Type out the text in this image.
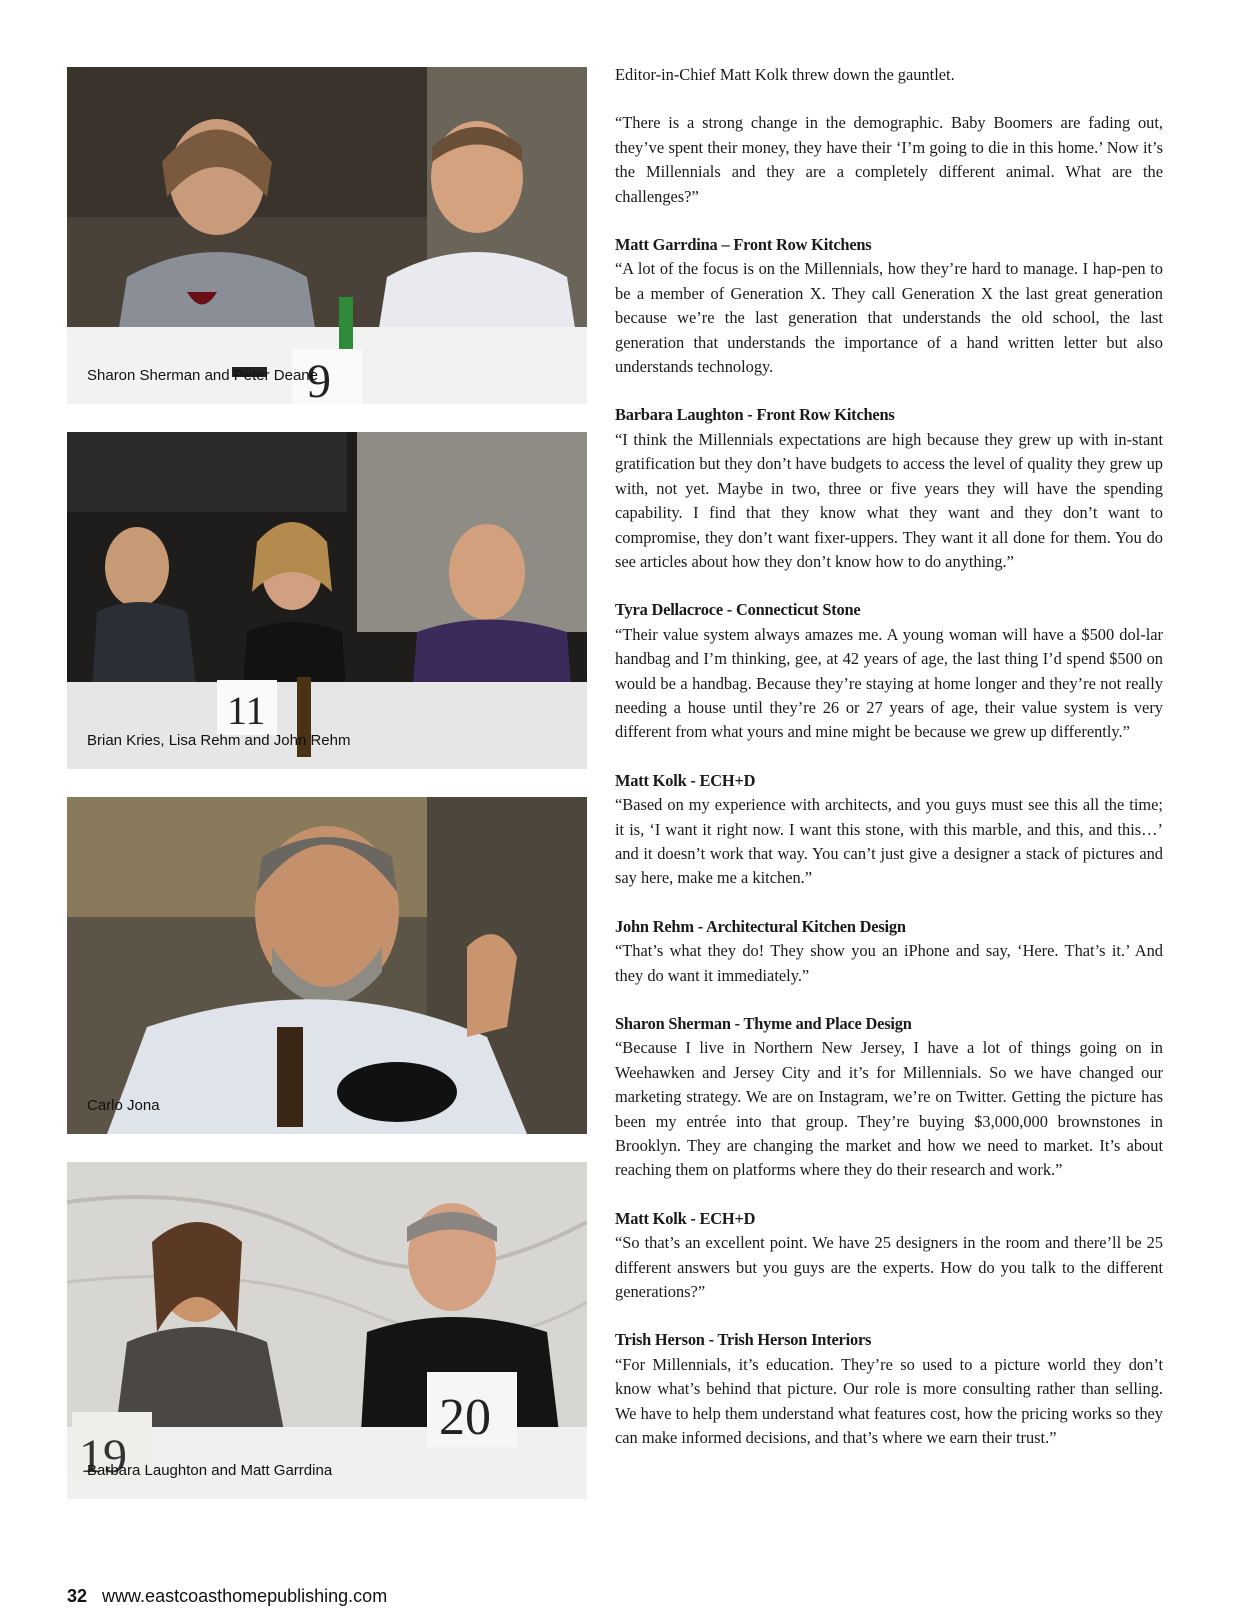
9
Sharon Sherman and Peter Deane
11
Brian Kries, Lisa Rehm and John Rehm
Carlo Jona
20
19
Barbara Laughton and Matt Garrdina

Editor-in-Chief Matt Kolk threw down the gauntlet.

“There is a strong change in the demographic. Baby Boomers are fading out, they’ve spent their money, they have their ‘I’m going to die in this home.’ Now it’s the Millennials and they are a completely different animal. What are the challenges?”

Matt Garrdina – Front Row Kitchens
“A lot of the focus is on the Millennials, how they’re hard to manage. I hap-pen to be a member of Generation X. They call Generation X the last great generation because we’re the last generation that understands the old school, the last generation that understands the importance of a hand written letter but also understands technology.

Barbara Laughton - Front Row Kitchens
“I think the Millennials expectations are high because they grew up with in-stant gratification but they don’t have budgets to access the level of quality they grew up with, not yet. Maybe in two, three or five years they will have the spending capability. I find that they know what they want and they don’t want to compromise, they don’t want fixer-uppers. They want it all done for them. You do see articles about how they don’t know how to do anything.”

Tyra Dellacroce - Connecticut Stone
“Their value system always amazes me. A young woman will have a $500 dol-lar handbag and I’m thinking, gee, at 42 years of age, the last thing I’d spend $500 on would be a handbag. Because they’re staying at home longer and they’re not really needing a house until they’re 26 or 27 years of age, their value system is very different from what yours and mine might be because we grew up differently.”

Matt Kolk - ECH+D
“Based on my experience with architects, and you guys must see this all the time; it is, ‘I want it right now. I want this stone, with this marble, and this, and this…’ and it doesn’t work that way. You can’t just give a designer a stack of pictures and say here, make me a kitchen.”

John Rehm - Architectural Kitchen Design
“That’s what they do! They show you an iPhone and say, ‘Here. That’s it.’ And they do want it immediately.”

Sharon Sherman - Thyme and Place Design
“Because I live in Northern New Jersey, I have a lot of things going on in Weehawken and Jersey City and it’s for Millennials. So we have changed our marketing strategy. We are on Instagram, we’re on Twitter. Getting the picture has been my entrée into that group. They’re buying $3,000,000 brownstones in Brooklyn. They are changing the market and how we need to market. It’s about reaching them on platforms where they do their research and work.”

Matt Kolk - ECH+D
“So that’s an excellent point. We have 25 designers in the room and there’ll be 25 different answers but you guys are the experts. How do you talk to the different generations?”

Trish Herson - Trish Herson Interiors
“For Millennials, it’s education. They’re so used to a picture world they don’t know what’s behind that picture. Our role is more consulting rather than selling. We have to help them understand what features cost, how the pricing works so they can make informed decisions, and that’s where we earn their trust.”

32 www.eastcoasthomepublishing.com
